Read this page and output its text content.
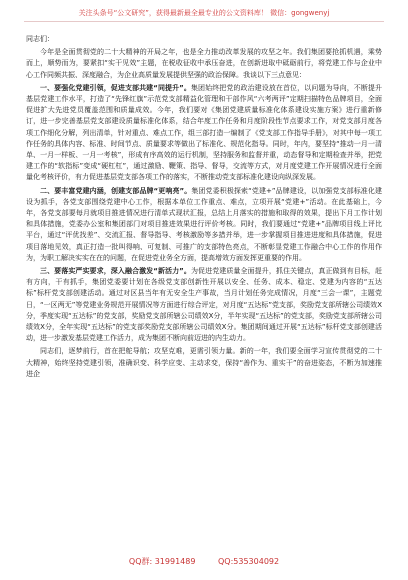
关注头条号“公文研究”，获得最新最全最专业的公文资料库！ 微信：gongwenyj

同志们：

今年是全面贯彻党的二十大精神的开局之年，也是全力推动改革发展的攻坚之年。我们集团要抢抓机遇，乘势而上，顺势而为，要紧扣“实干见效”主题，在税收征收中承压奋进，在创新进取中砥砺前行，将党建工作与企业中心工作同频共振、深度融合，为企业高质量发展提供坚强的政治保障。我谈以下三点意见：

一、要强化党建引领，促进支部共建“同提升”。集团始终把党的政治建设放在首位，以问题为导向，不断提升基层党建工作水平，打造了“先锋红旗”示范党支部精益化管理和干部作风“六考两评”定期扫描特色品牌项目，全面促进扩大先进党员覆盖范围和质量成效。今年，我们要对《集团党建质量标准化体系建设实施方案》进行重新修订，进一步完善基层党支部建设质量标准化体系，结合年度工作任务和月度阶段性节点要求工作，对党支部月度各项工作细化分解，列出清单，针对重点、难点工作，组三部打造一编制了《党支部工作指导手册》，对其中每一项工作任务的具体内容、标准、时间节点、质量要求等做出了标准化、规范化指导。同时，年内，要坚持“推动一月一清单、一月一样板、一月一考核”，形成有序高效的运行机制，坚持服务和监督并重，动态督导和定期检查并举，把党建工作的“软指标”变成“硬杠杠”，通过激励、鞭策、指导、督导，交流等方式，对月度党建工作开展情况进行全面量化考核评价，有力促进基层党支部各项工作的落实，不断推动党支部标准化建设向纵深发展。

二、要丰富党建内涵，创建支部品牌“更响亮”。集团党委积极探索“党建+”品牌建设，以加强党支部标准化建设为抓手，各党支部围绕党建中心工作，根据本单位工作重点、难点，立项开展“党建+”活动。在此基础上，今年，各党支部要每月就项目推进情况进行清单式现状汇报，总结上月落实的措施和取得的效果，提出下月工作计划和具体措施，党委办公室和集团部门对项目推进效果进行评价考核。同时，我们要通过“党建+”品牌项目线上评比平台，通过“评优找差”、交流汇报、督导指导、考核激励等多措并举，进一步掌握项目推进进度和具体措施，促进项目落地见效，真正打造一批叫得响、可复制、可推广的支部特色亮点，不断彰显党建工作融合中心工作的作用作为，为职工解决实实在在的问题，在促进党业务全方面，提高增效方面发挥更重要的作用。

三、要落实严实要求，深入融合激发“新活力”。为促进党建质量全面提升，抓住关键点，真正做到有目标，赶有方向，干有抓手，集团党委要计划在各级党支部创新性开展以安全、任务、成本、稳定、党建为内容的“五达标”标杆党支部创建活动。通过对区县当年有无安全生产事故，当月计划任务完成情况，月度“三会一课”，主题党日，“一区两无”等党建业务规范开展情况等方面进行综合评定，对月度“五达标”党支部，奖励党支部所辖公司绩效X分，季度实现“五达标”的党支部，奖励党支部所辖公司绩效X分，半年实现“五达标”的党支部，奖励党支部所辖公司绩效X分，全年实现“五达标”的党支部奖励党支部所辖公司绩效X分。集团期间通过开展“五达标”标杆党支部创建活动，进一步激发基层党建工作活力，成为集团不断向前迈进的内生动力。

同志们，逐梦前行，首在把舵导航；攻坚克难，更需引领力量。新的一年，我们要全面学习宣传贯彻党的二十大精神，始终坚持党建引领，准确识变、科学应变、主动求变，保持“善作为、重实干”的奋进姿态，不断为加速推进企

QQ群: 31991489	QQ:535304092
